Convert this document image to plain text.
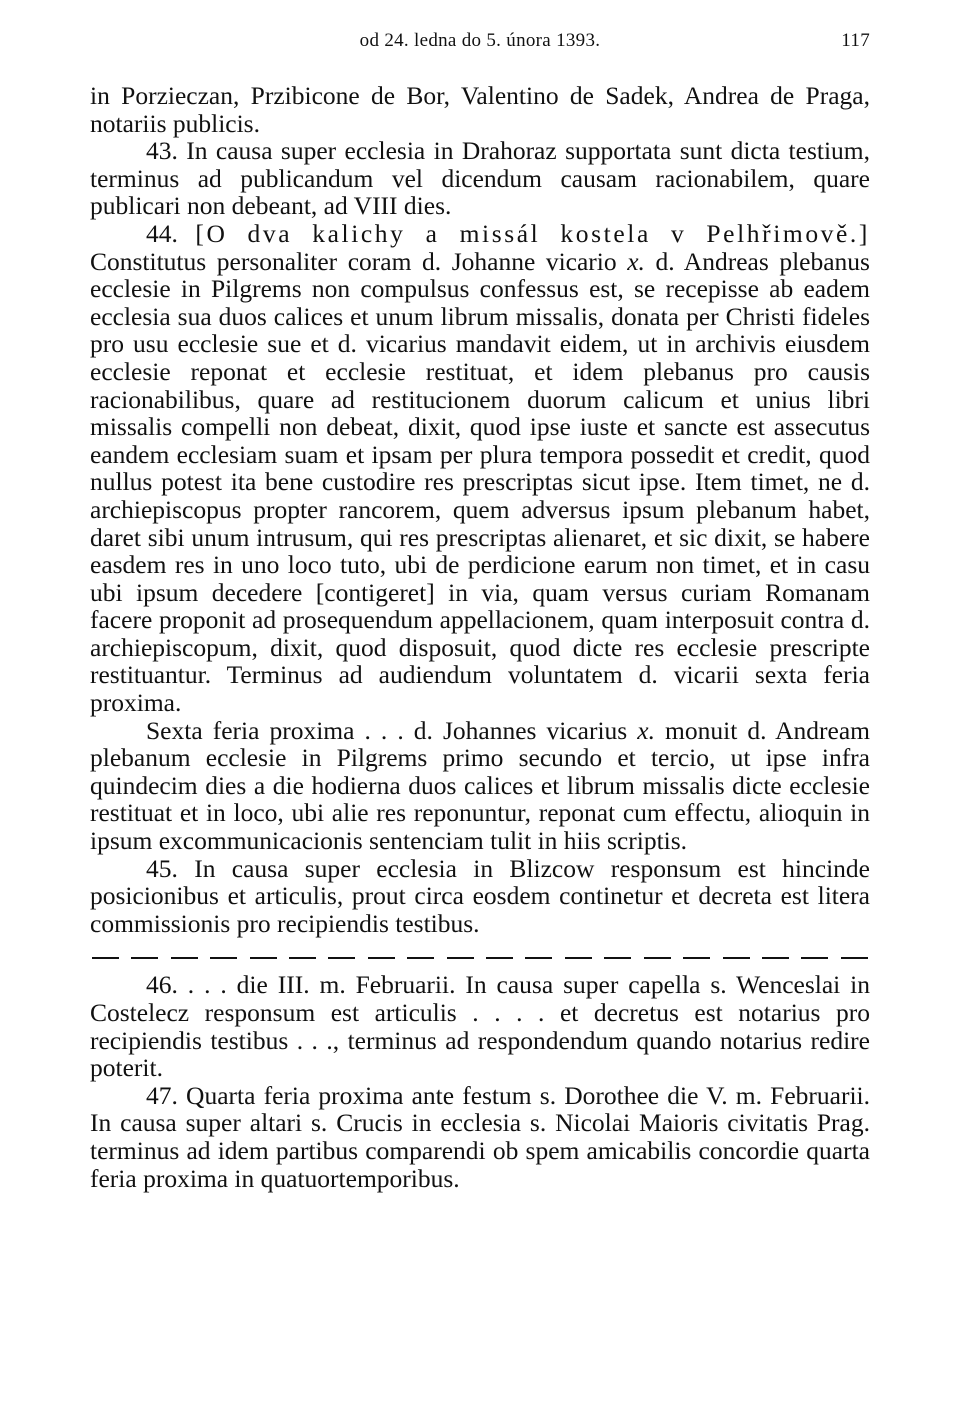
od 24. ledna do 5. února 1393.	117

in Porzieczan, Przibicone de Bor, Valentino de Sadek, Andrea de Praga, notariis publicis.

43. In causa super ecclesia in Drahoraz supportata sunt dicta testium, terminus ad publicandum vel dicendum causam racionabilem, quare publicari non debeant, ad VIII dies.

44. [O dva kalichy a missál kostela v Pelhřimově.] Constitutus personaliter coram d. Johanne vicario x. d. Andreas plebanus ecclesie in Pilgrems non compulsus confessus est, se recepisse ab eadem ecclesia sua duos calices et unum librum missalis, donata per Christi fideles pro usu ecclesie sue et d. vicarius mandavit eidem, ut in archivis eiusdem ecclesie reponat et ecclesie restituat, et idem plebanus pro causis racionabilibus, quare ad restitucionem duorum calicum et unius libri missalis compelli non debeat, dixit, quod ipse iuste et sancte est assecutus eandem ecclesiam suam et ipsam per plura tempora possedit et credit, quod nullus potest ita bene custodire res prescriptas sicut ipse. Item timet, ne d. archiepiscopus propter rancorem, quem adversus ipsum plebanum habet, daret sibi unum intrusum, qui res prescriptas alienaret, et sic dixit, se habere easdem res in uno loco tuto, ubi de perdicione earum non timet, et in casu ubi ipsum decedere [contigeret] in via, quam versus curiam Romanam facere proponit ad prosequendum appellacionem, quam interposuit contra d. archiepiscopum, dixit, quod disposuit, quod dicte res ecclesie prescripte restituantur. Terminus ad audiendum voluntatem d. vicarii sexta feria proxima.

Sexta feria proxima . . . d. Johannes vicarius x. monuit d. Andream plebanum ecclesie in Pilgrems primo secundo et tercio, ut ipse infra quindecim dies a die hodierna duos calices et librum missalis dicte ecclesie restituat et in loco, ubi alie res reponuntur, reponat cum effectu, alioquin in ipsum excommunicacionis sentenciam tulit in hiis scriptis.

45. In causa super ecclesia in Blizcow responsum est hincinde posicionibus et articulis, prout circa eosdem continetur et decreta est litera commissionis pro recipiendis testibus.

46. . . . die III. m. Februarii. In causa super capella s. Wenceslai in Costelecz responsum est articulis . . . . et decretus est notarius pro recipiendis testibus . . ., terminus ad respondendum quando notarius redire poterit.

47. Quarta feria proxima ante festum s. Dorothee die V. m. Februarii. In causa super altari s. Crucis in ecclesia s. Nicolai Maioris civitatis Prag. terminus ad idem partibus comparendi ob spem amicabilis concordie quarta feria proxima in quatuortemporibus.
